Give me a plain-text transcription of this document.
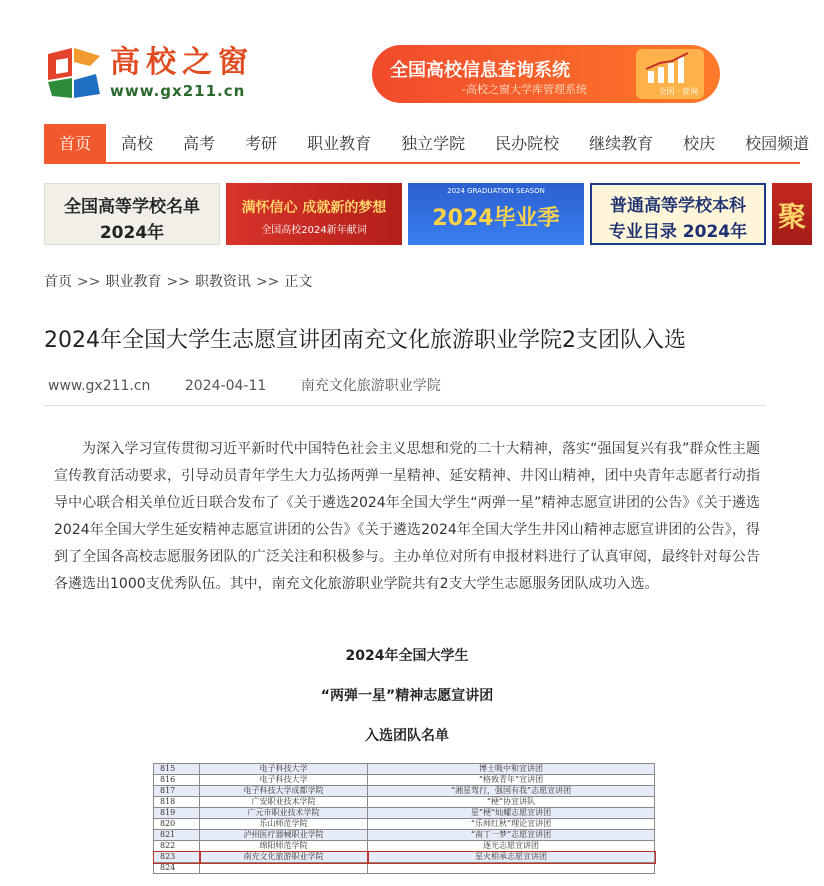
高校之窗
www.gx211.cn
全国高校信息查询系统
-高校之窗大学库管理系统	全国 · 查询
首页	高校	高考	考研	职业教育	独立学院	民办院校	继续教育	校庆	校园频道
全国高等学校名单
2024年
满怀信心 成就新的梦想
全国高校2024新年献词
2024 GRADUATION SEASON
2024毕业季	普通高等学校本科
专业目录 2024年	聚
首页 >> 职业教育 >> 职教资讯 >> 正文
2024年全国大学生志愿宣讲团南充文化旅游职业学院2支团队入选
www.gx211.cn 2024-04-11 南充文化旅游职业学院

为深入学习宣传贯彻习近平新时代中国特色社会主义思想和党的二十大精神，落实“强国复兴有我”群众性主题宣传教育活动要求，引导动员青年学生大力弘扬两弹一星精神、延安精神、井冈山精神，团中央青年志愿者行动指导中心联合相关单位近日联合发布了《关于遴选2024年全国大学生“两弹一星”精神志愿宣讲团的公告》《关于遴选2024年全国大学生延安精神志愿宣讲团的公告》《关于遴选2024年全国大学生井冈山精神志愿宣讲团的公告》，得到了全国各高校志愿服务团队的广泛关注和积极参与。主办单位对所有申报材料进行了认真审阅，最终针对每公告各遴选出1000支优秀队伍。其中，南充文化旅游职业学院共有2支大学生志愿服务团队成功入选。

2024年全国大学生
“两弹一星”精神志愿宣讲团
入选团队名单
815	电子科技大学	博士吸中和宣讲团
816	电子科技大学	“格致青年”宣讲团
817	电子科技大学成都学院	“湘星驾行，强国有我”志愿宣讲团
818	广安职业技术学院	“梗”协宣讲队
819	广元市职业技术学院	星“梗”灿耀志愿宣讲团
820	乐山师范学院	“乐师红秋”理论宣讲团
821	泸州医疗器械职业学院	“南丁一梦”志愿宣讲团
822	绵阳师范学院	逐光志愿宣讲团
823	南充文化旅游职业学院	星火相承志愿宣讲团
824		
